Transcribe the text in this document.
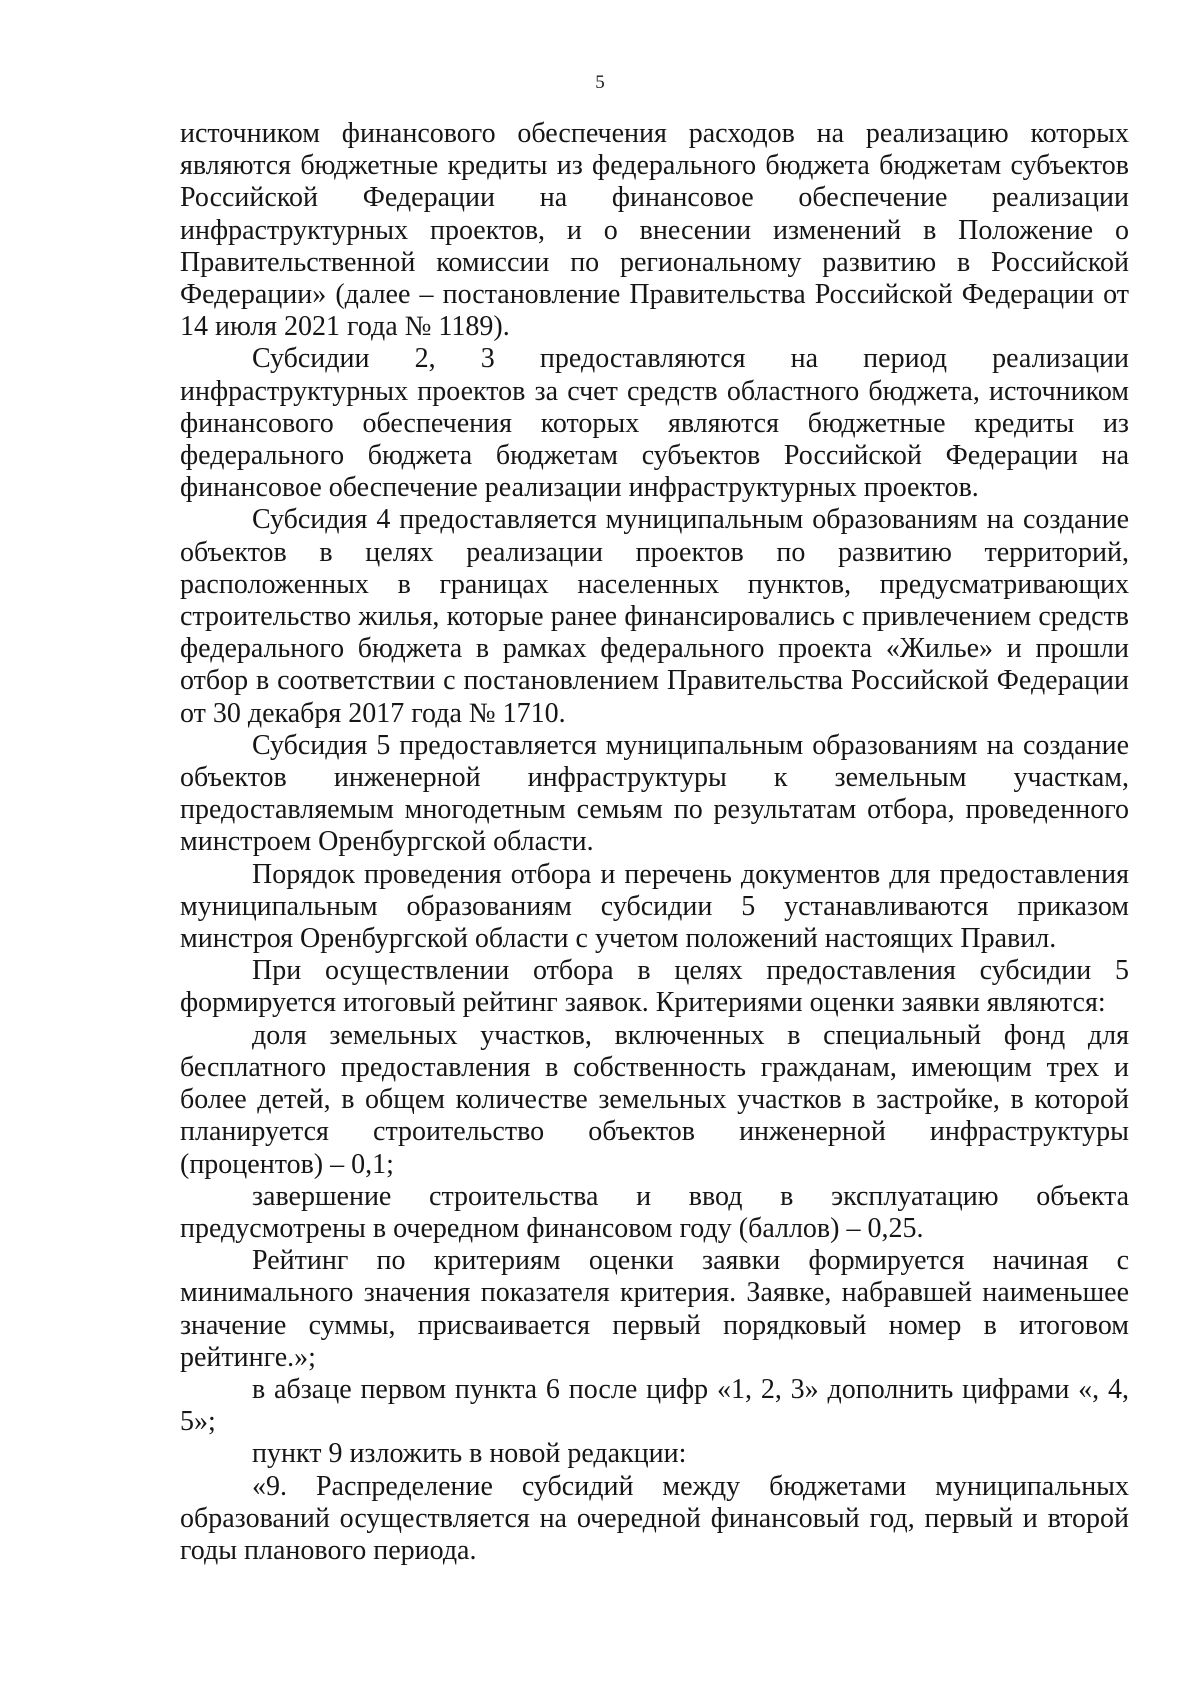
5

источником финансового обеспечения расходов на реализацию которых являются бюджетные кредиты из федерального бюджета бюджетам субъектов Российской Федерации на финансовое обеспечение реализации инфраструктурных проектов, и о внесении изменений в Положение о Правительственной комиссии по региональному развитию в Российской Федерации» (далее – постановление Правительства Российской Федерации от 14 июля 2021 года № 1189).

Субсидии 2, 3 предоставляются на период реализации инфраструктурных проектов за счет средств областного бюджета, источником финансового обеспечения которых являются бюджетные кредиты из федерального бюджета бюджетам субъектов Российской Федерации на финансовое обеспечение реализации инфраструктурных проектов.

Субсидия 4 предоставляется муниципальным образованиям на создание объектов в целях реализации проектов по развитию территорий, расположенных в границах населенных пунктов, предусматривающих строительство жилья, которые ранее финансировались с привлечением средств федерального бюджета в рамках федерального проекта «Жилье» и прошли отбор в соответствии с постановлением Правительства Российской Федерации от 30 декабря 2017 года № 1710.

Субсидия 5 предоставляется муниципальным образованиям на создание объектов инженерной инфраструктуры к земельным участкам, предоставляемым многодетным семьям по результатам отбора, проведенного минстроем Оренбургской области.

Порядок проведения отбора и перечень документов для предоставления муниципальным образованиям субсидии 5 устанавливаются приказом минстроя Оренбургской области с учетом положений настоящих Правил.

При осуществлении отбора в целях предоставления субсидии 5 формируется итоговый рейтинг заявок. Критериями оценки заявки являются:

доля земельных участков, включенных в специальный фонд для бесплатного предоставления в собственность гражданам, имеющим трех и более детей, в общем количестве земельных участков в застройке, в которой планируется строительство объектов инженерной инфраструктуры (процентов) – 0,1;

завершение строительства и ввод в эксплуатацию объекта предусмотрены в очередном финансовом году (баллов) – 0,25.

Рейтинг по критериям оценки заявки формируется начиная с минимального значения показателя критерия. Заявке, набравшей наименьшее значение суммы, присваивается первый порядковый номер в итоговом рейтинге.»;

в абзаце первом пункта 6 после цифр «1, 2, 3» дополнить цифрами «, 4, 5»;

пункт 9 изложить в новой редакции:

«9. Распределение субсидий между бюджетами муниципальных образований осуществляется на очередной финансовый год, первый и второй годы планового периода.
